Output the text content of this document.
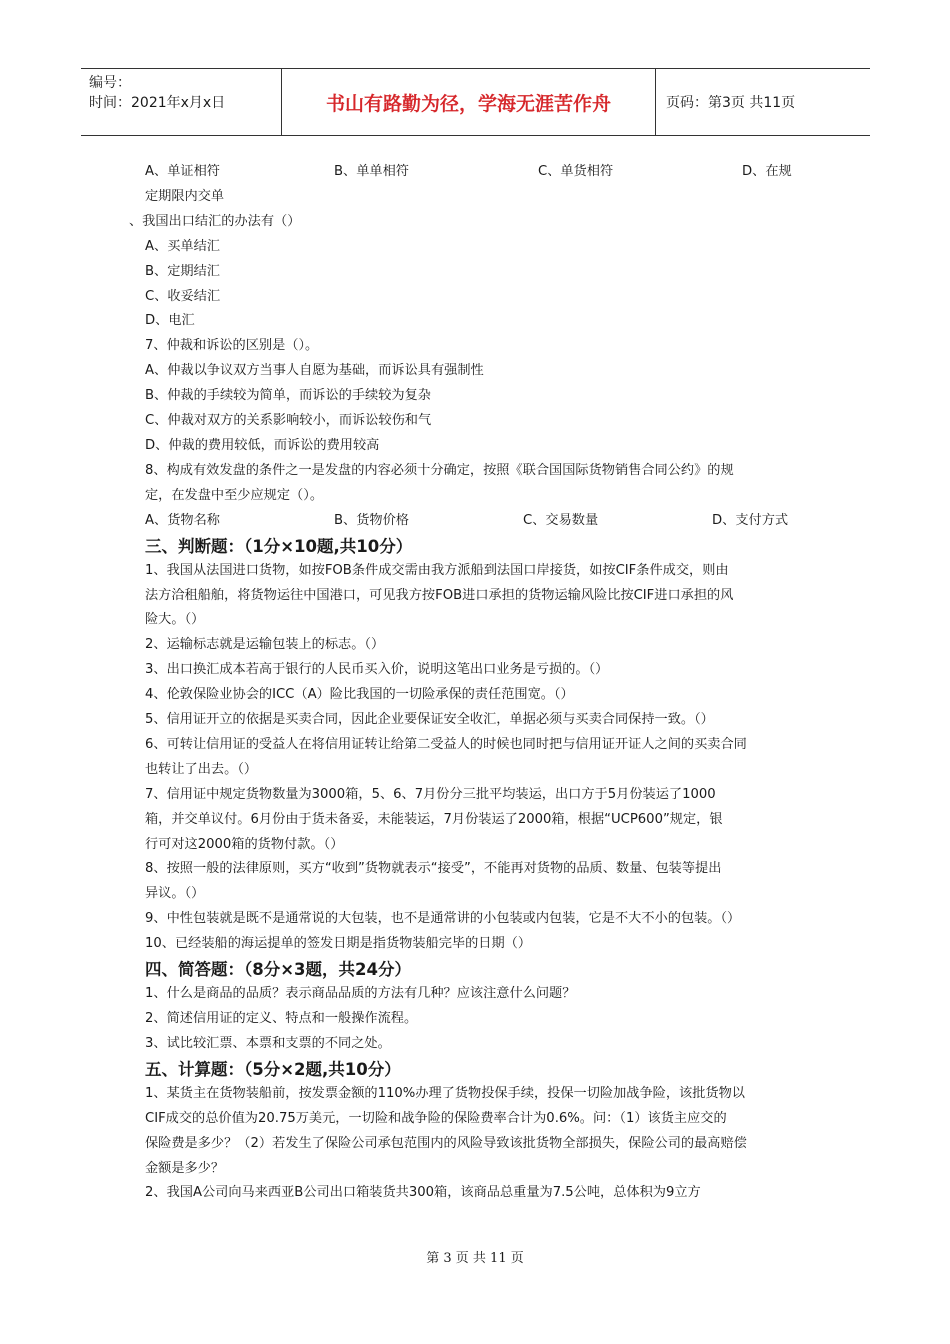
编号：
时间：2021年x月x日	书山有路勤为径，学海无涯苦作舟	页码：第3页 共11页
A、单证相符	B、单单相符	C、单货相符	D、在规
定期限内交单
、我国出口结汇的办法有（）
A、买单结汇
B、定期结汇
C、收妥结汇
D、电汇
7、仲裁和诉讼的区别是（）。
A、仲裁以争议双方当事人自愿为基础，而诉讼具有强制性
B、仲裁的手续较为简单，而诉讼的手续较为复杂
C、仲裁对双方的关系影响较小，而诉讼较伤和气
D、仲裁的费用较低，而诉讼的费用较高
8、构成有效发盘的条件之一是发盘的内容必须十分确定，按照《联合国国际货物销售合同公约》的规
定，在发盘中至少应规定（）。
A、货物名称	B、货物价格	C、交易数量	D、支付方式
三、判断题：（1分×10题,共10分）
1、我国从法国进口货物，如按FOB条件成交需由我方派船到法国口岸接货，如按CIF条件成交，则由
法方洽租船舶，将货物运往中国港口，可见我方按FOB进口承担的货物运输风险比按CIF进口承担的风
险大。（）
2、运输标志就是运输包装上的标志。（）
3、出口换汇成本若高于银行的人民币买入价，说明这笔出口业务是亏损的。（）
4、伦敦保险业协会的ICC（A）险比我国的一切险承保的责任范围宽。（）
5、信用证开立的依据是买卖合同，因此企业要保证安全收汇，单据必须与买卖合同保持一致。（）
6、可转让信用证的受益人在将信用证转让给第二受益人的时候也同时把与信用证开证人之间的买卖合同
也转让了出去。（）
7、信用证中规定货物数量为3000箱，5、6、7月份分三批平均装运，出口方于5月份装运了1000
箱，并交单议付。6月份由于货未备妥，未能装运，7月份装运了2000箱，根据“UCP600”规定，银
行可对这2000箱的货物付款。（）
8、按照一般的法律原则，买方“收到”货物就表示“接受”，不能再对货物的品质、数量、包装等提出
异议。（）
9、中性包装就是既不是通常说的大包装，也不是通常讲的小包装或内包装，它是不大不小的包装。（）
10、已经装船的海运提单的签发日期是指货物装船完毕的日期（）
四、简答题：（8分×3题，共24分）
1、什么是商品的品质？表示商品品质的方法有几种？应该注意什么问题？
2、简述信用证的定义、特点和一般操作流程。
3、试比较汇票、本票和支票的不同之处。
五、计算题：（5分×2题,共10分）
1、某货主在货物装船前，按发票金额的110%办理了货物投保手续，投保一切险加战争险，该批货物以
CIF成交的总价值为20.75万美元，一切险和战争险的保险费率合计为0.6%。问：（1）该货主应交的
保险费是多少？（2）若发生了保险公司承包范围内的风险导致该批货物全部损失，保险公司的最高赔偿
金额是多少？
2、我国A公司向马来西亚B公司出口箱装货共300箱，该商品总重量为7.5公吨，总体积为9立方
第 3 页 共 11 页
